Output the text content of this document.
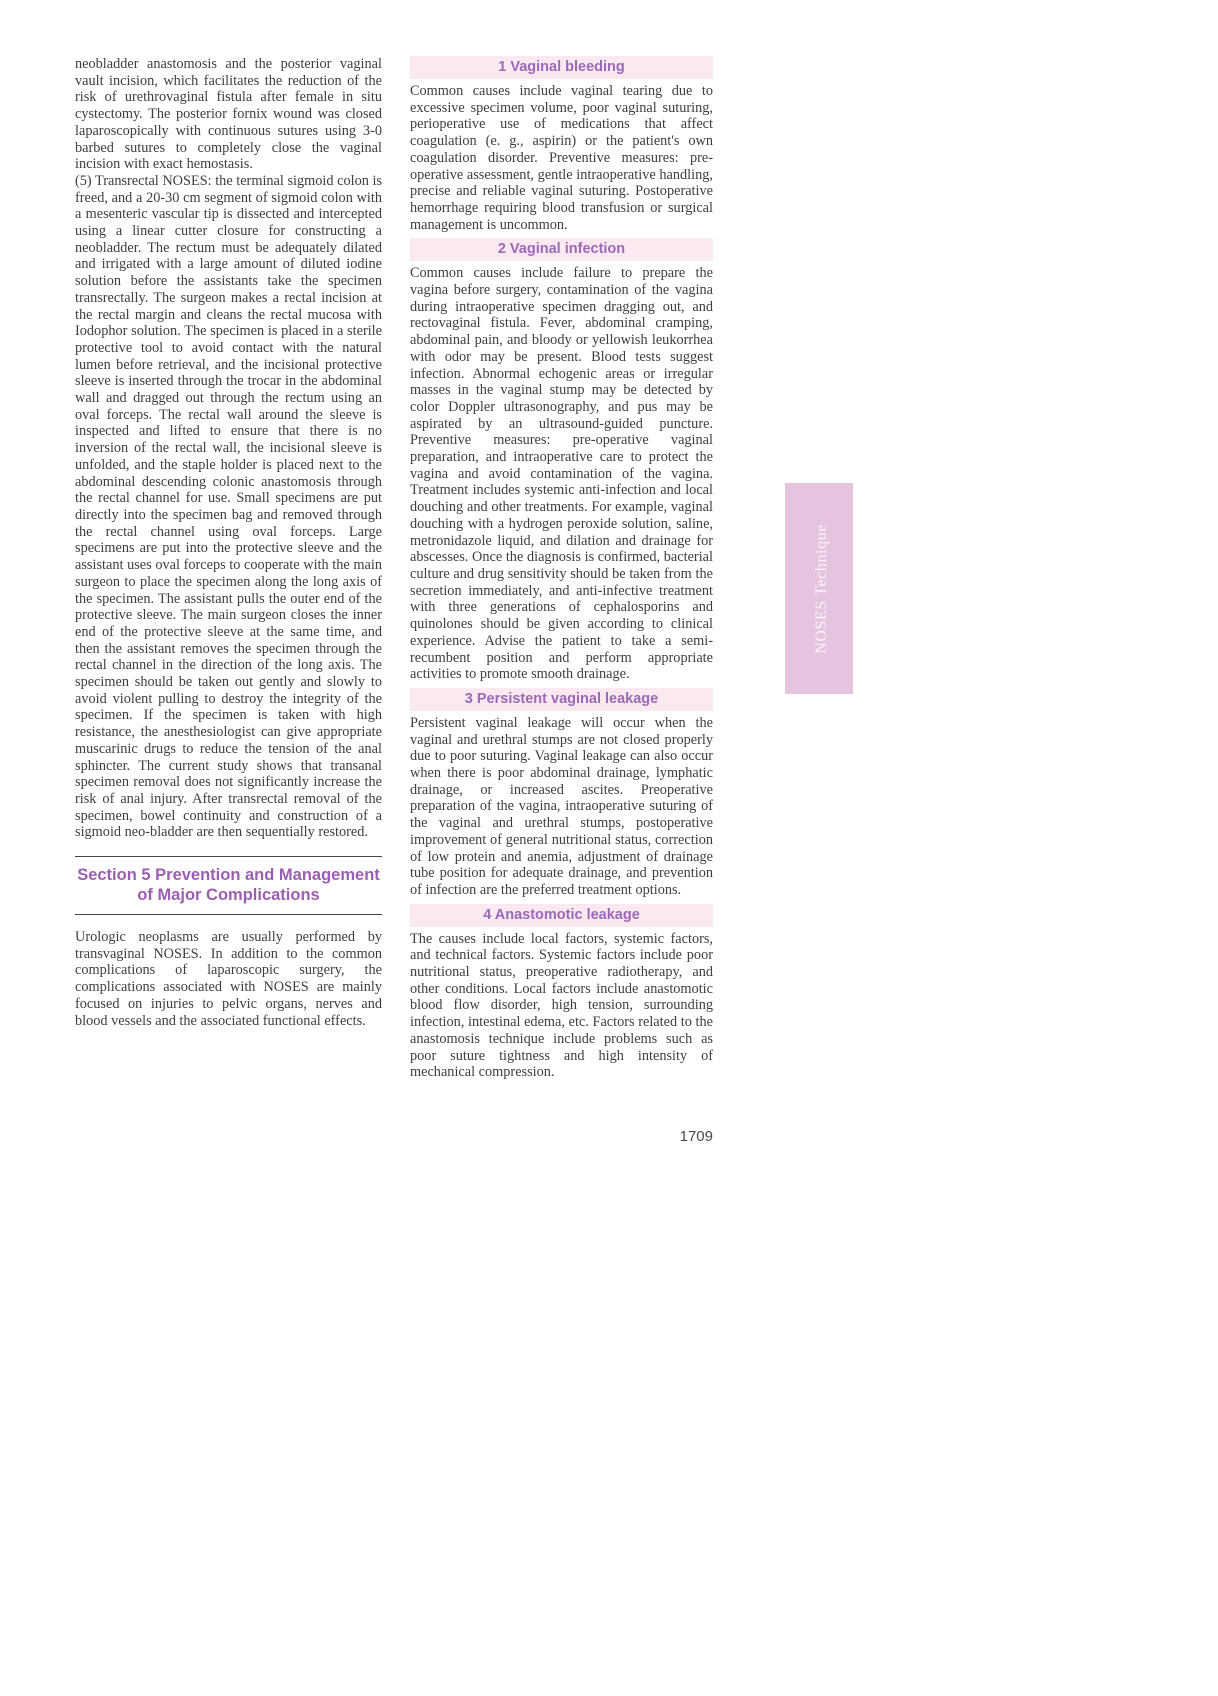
neobladder anastomosis and the posterior vaginal vault incision, which facilitates the reduction of the risk of urethrovaginal fistula after female in situ cystectomy. The posterior fornix wound was closed laparoscopically with continuous sutures using 3-0 barbed sutures to completely close the vaginal incision with exact hemostasis.

(5) Transrectal NOSES: the terminal sigmoid colon is freed, and a 20-30 cm segment of sigmoid colon with a mesenteric vascular tip is dissected and intercepted using a linear cutter closure for constructing a neobladder. The rectum must be adequately dilated and irrigated with a large amount of diluted iodine solution before the assistants take the specimen transrectally. The surgeon makes a rectal incision at the rectal margin and cleans the rectal mucosa with Iodophor solution. The specimen is placed in a sterile protective tool to avoid contact with the natural lumen before retrieval, and the incisional protective sleeve is inserted through the trocar in the abdominal wall and dragged out through the rectum using an oval forceps. The rectal wall around the sleeve is inspected and lifted to ensure that there is no inversion of the rectal wall, the incisional sleeve is unfolded, and the staple holder is placed next to the abdominal descending colonic anastomosis through the rectal channel for use. Small specimens are put directly into the specimen bag and removed through the rectal channel using oval forceps. Large specimens are put into the protective sleeve and the assistant uses oval forceps to cooperate with the main surgeon to place the specimen along the long axis of the specimen. The assistant pulls the outer end of the protective sleeve. The main surgeon closes the inner end of the protective sleeve at the same time, and then the assistant removes the specimen through the rectal channel in the direction of the long axis. The specimen should be taken out gently and slowly to avoid violent pulling to destroy the integrity of the specimen. If the specimen is taken with high resistance, the anesthesiologist can give appropriate muscarinic drugs to reduce the tension of the anal sphincter. The current study shows that transanal specimen removal does not significantly increase the risk of anal injury. After transrectal removal of the specimen, bowel continuity and construction of a sigmoid neo-bladder are then sequentially restored.

Section 5 Prevention and Management
of Major Complications

Urologic neoplasms are usually performed by transvaginal NOSES. In addition to the common complications of laparoscopic surgery, the complications associated with NOSES are mainly focused on injuries to pelvic organs, nerves and blood vessels and the associated functional effects.

1 Vaginal bleeding

Common causes include vaginal tearing due to excessive specimen volume, poor vaginal suturing, perioperative use of medications that affect coagulation (e. g., aspirin) or the patient's own coagulation disorder. Preventive measures: pre-operative assessment, gentle intraoperative handling, precise and reliable vaginal suturing. Postoperative hemorrhage requiring blood transfusion or surgical management is uncommon.

2 Vaginal infection

Common causes include failure to prepare the vagina before surgery, contamination of the vagina during intraoperative specimen dragging out, and rectovaginal fistula. Fever, abdominal cramping, abdominal pain, and bloody or yellowish leukorrhea with odor may be present. Blood tests suggest infection. Abnormal echogenic areas or irregular masses in the vaginal stump may be detected by color Doppler ultrasonography, and pus may be aspirated by an ultrasound-guided puncture. Preventive measures: pre-operative vaginal preparation, and intraoperative care to protect the vagina and avoid contamination of the vagina. Treatment includes systemic anti-infection and local douching and other treatments. For example, vaginal douching with a hydrogen peroxide solution, saline, metronidazole liquid, and dilation and drainage for abscesses. Once the diagnosis is confirmed, bacterial culture and drug sensitivity should be taken from the secretion immediately, and anti-infective treatment with three generations of cephalosporins and quinolones should be given according to clinical experience. Advise the patient to take a semi-recumbent position and perform appropriate activities to promote smooth drainage.

3 Persistent vaginal leakage

Persistent vaginal leakage will occur when the vaginal and urethral stumps are not closed properly due to poor suturing. Vaginal leakage can also occur when there is poor abdominal drainage, lymphatic drainage, or increased ascites. Preoperative preparation of the vagina, intraoperative suturing of the vaginal and urethral stumps, postoperative improvement of general nutritional status, correction of low protein and anemia, adjustment of drainage tube position for adequate drainage, and prevention of infection are the preferred treatment options.

4 Anastomotic leakage

The causes include local factors, systemic factors, and technical factors. Systemic factors include poor nutritional status, preoperative radiotherapy, and other conditions. Local factors include anastomotic blood flow disorder, high tension, surrounding infection, intestinal edema, etc. Factors related to the anastomosis technique include problems such as poor suture tightness and high intensity of mechanical compression.

NOSES Technique
1709
